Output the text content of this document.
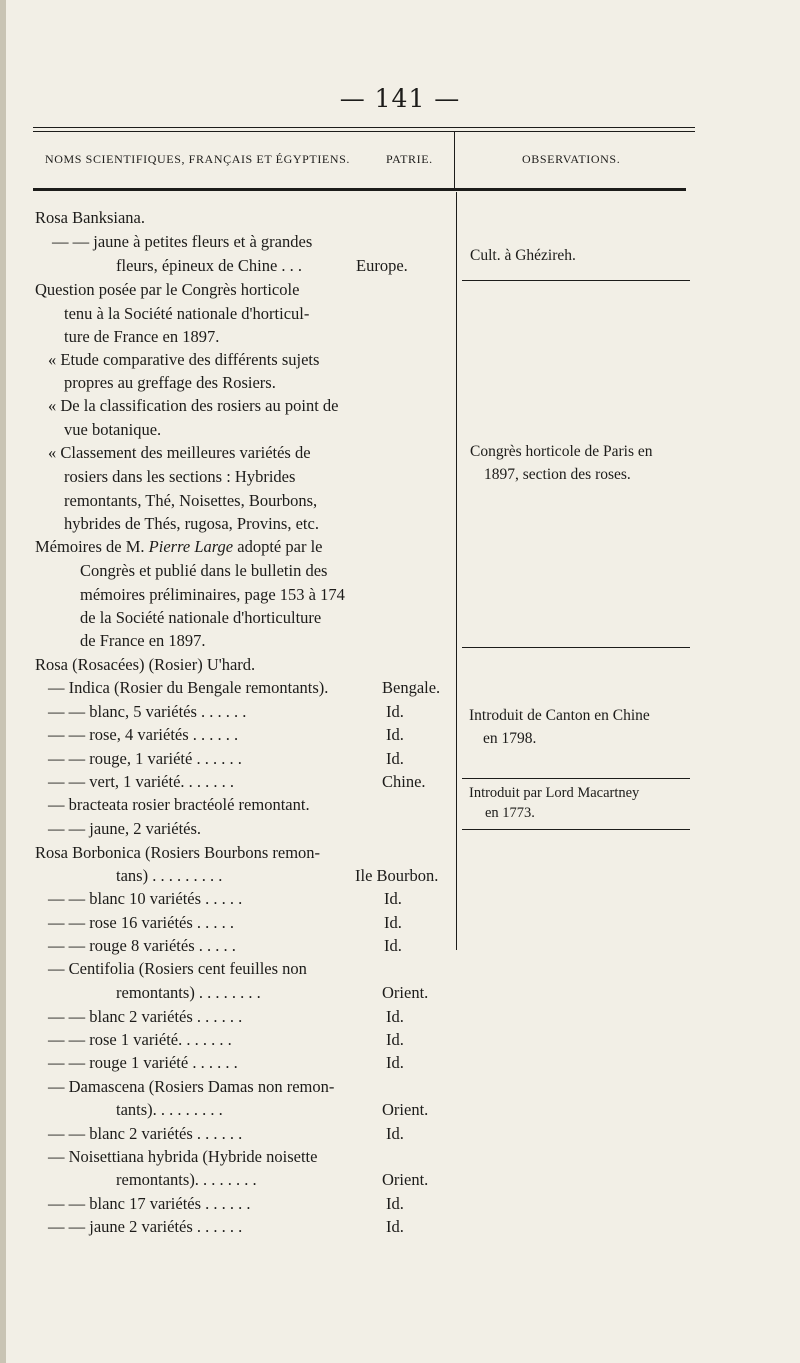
— 141 —
NOMS SCIENTIFIQUES, FRANÇAIS ET ÉGYPTIENS.	PATRIE.	OBSERVATIONS.
Rosa Banksiana.
— — jaune à petites fleurs et à grandes
fleurs, épineux de Chine . . .
Question posée par le Congrès horticole
tenu à la Société nationale d'horticul-
ture de France en 1897.
« Etude comparative des différents sujets
propres au greffage des Rosiers.
« De la classification des rosiers au point de
vue botanique.
« Classement des meilleures variétés de
rosiers dans les sections : Hybrides
remontants, Thé, Noisettes, Bourbons,
hybrides de Thés, rugosa, Provins, etc.
Mémoires de M. Pierre Large adopté par le
Congrès et publié dans le bulletin des
mémoires préliminaires, page 153 à 174
de la Société nationale d'horticulture
de France en 1897.
Rosa (Rosacées) (Rosier) U'hard.
— Indica (Rosier du Bengale remontants).
— — blanc, 5 variétés . . . . . .
— — rose, 4 variétés . . . . . .
— — rouge, 1 variété . . . . . .
— — vert, 1 variété. . . . . . .
— bracteata rosier bractéolé remontant.
— — jaune, 2 variétés.
Rosa Borbonica (Rosiers Bourbons remon-
tans) . . . . . . . . .
— — blanc 10 variétés . . . . .
— — rose 16 variétés . . . . .
— — rouge 8 variétés . . . . .
— Centifolia (Rosiers cent feuilles non
remontants) . . . . . . . .
— — blanc 2 variétés . . . . . .
— — rose 1 variété. . . . . . .
— — rouge 1 variété . . . . . .
— Damascena (Rosiers Damas non remon-
tants). . . . . . . . .
— — blanc 2 variétés . . . . . .
— Noisettiana hybrida (Hybride noisette
remontants). . . . . . . .
— — blanc 17 variétés . . . . . .
— — jaune 2 variétés . . . . . .
Europe.
Bengale.
Id.
Id.
Id.
Chine.
Ile Bourbon.
Id.
Id.
Id.
Orient.
Id.
Id.
Id.
Orient.
Id.
Orient.
Id.
Id.
Cult. à Ghézireh.
Congrès horticole de Paris en
1897, section des roses.
Introduit de Canton en Chine
en 1798.
Introduit par Lord Macartney
en 1773.
